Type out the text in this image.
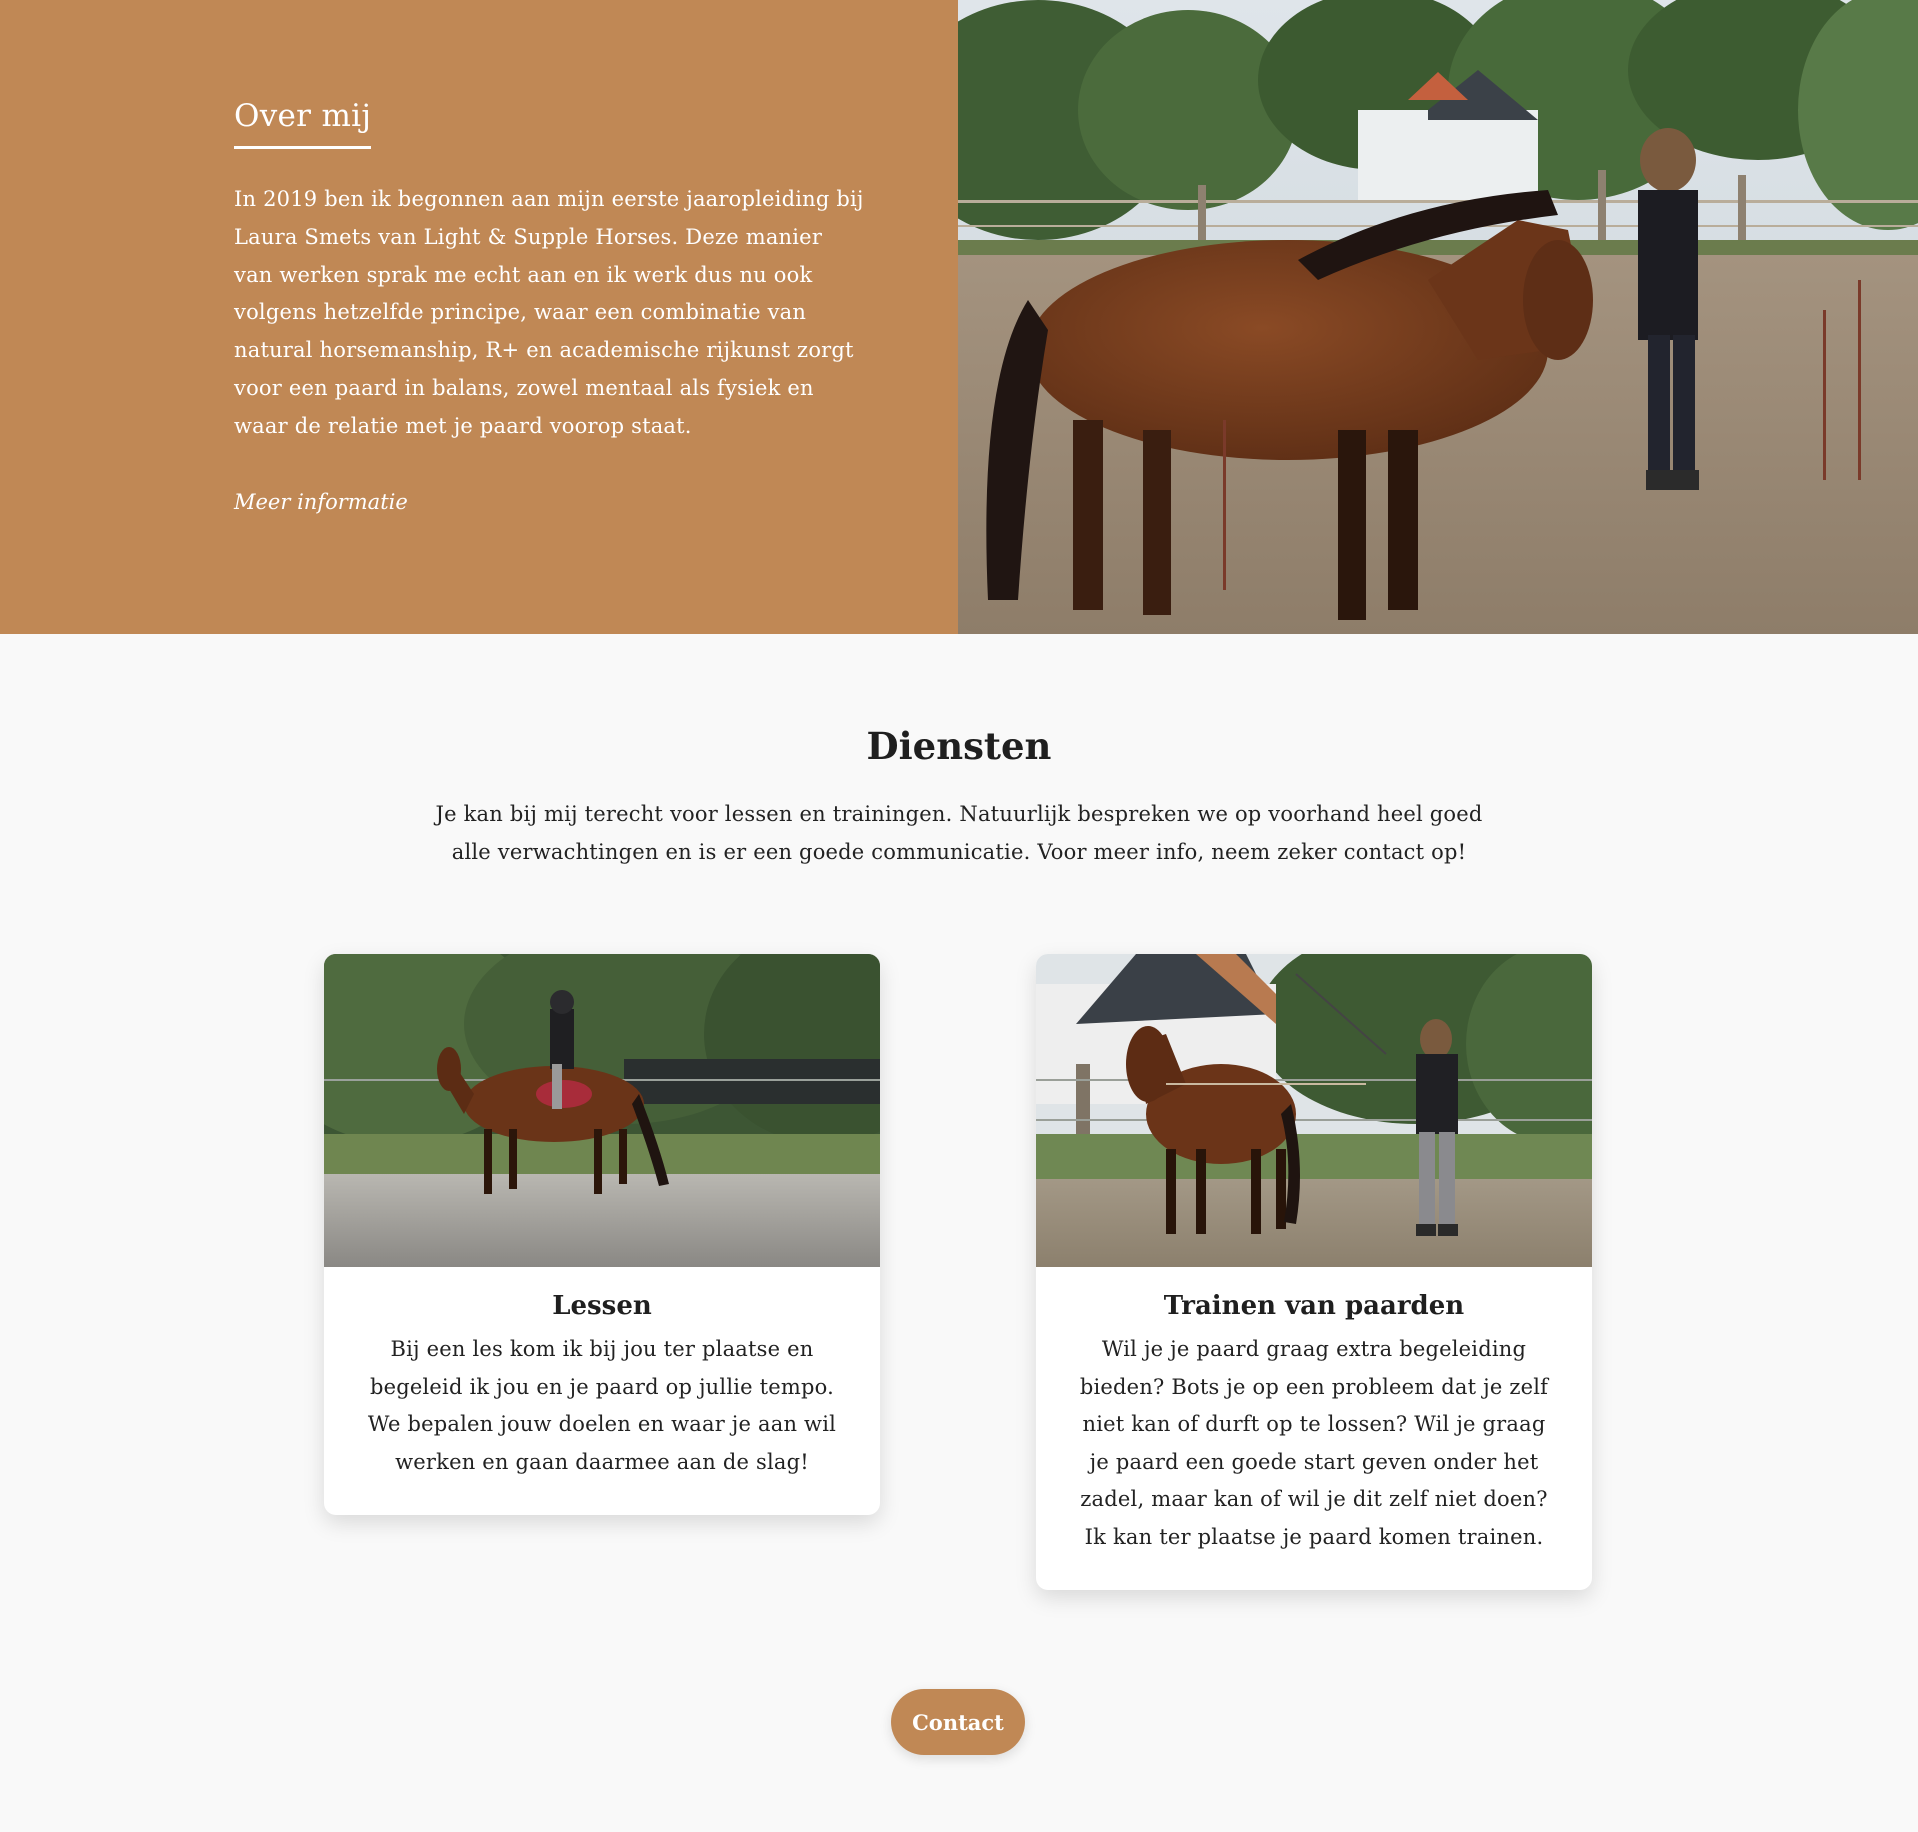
Over mij

In 2019 ben ik begonnen aan mijn eerste jaaropleiding bij Laura Smets van Light & Supple Horses. Deze manier van werken sprak me echt aan en ik werk dus nu ook volgens hetzelfde principe, waar een combinatie van natural horsemanship, R+ en academische rijkunst zorgt voor een paard in balans, zowel mentaal als fysiek en waar de relatie met je paard voorop staat.

Meer informatie
Diensten

Je kan bij mij terecht voor lessen en trainingen. Natuurlijk bespreken we op voorhand heel goed alle verwachtingen en is er een goede communicatie. Voor meer info, neem zeker contact op!

Lessen

Bij een les kom ik bij jou ter plaatse en begeleid ik jou en je paard op jullie tempo. We bepalen jouw doelen en waar je aan wil werken en gaan daarmee aan de slag!

Trainen van paarden

Wil je je paard graag extra begeleiding bieden? Bots je op een probleem dat je zelf niet kan of durft op te lossen? Wil je graag je paard een goede start geven onder het zadel, maar kan of wil je dit zelf niet doen? Ik kan ter plaatse je paard komen trainen.

Contact
